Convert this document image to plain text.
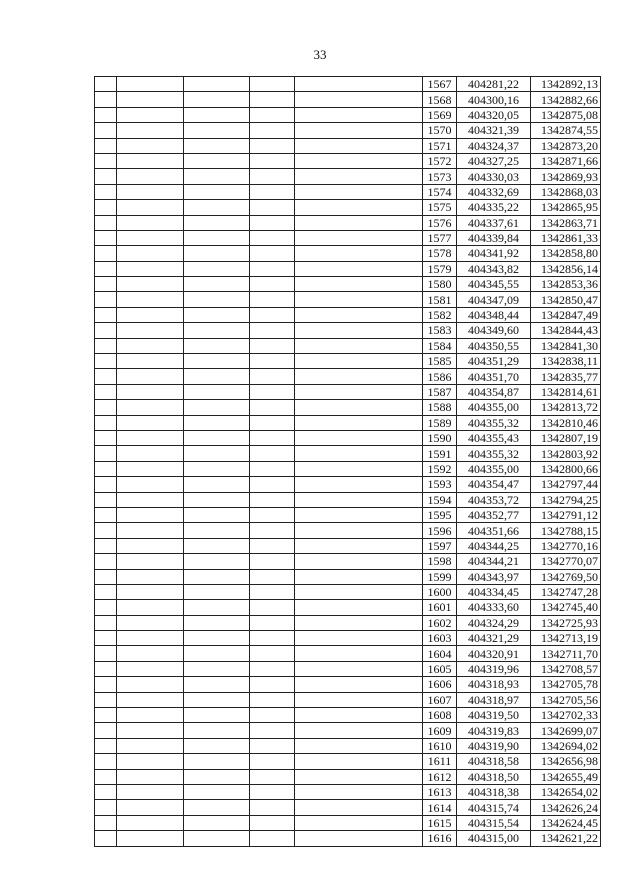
33
					1567	404281,22	1342892,13
					1568	404300,16	1342882,66
					1569	404320,05	1342875,08
					1570	404321,39	1342874,55
					1571	404324,37	1342873,20
					1572	404327,25	1342871,66
					1573	404330,03	1342869,93
					1574	404332,69	1342868,03
					1575	404335,22	1342865,95
					1576	404337,61	1342863,71
					1577	404339,84	1342861,33
					1578	404341,92	1342858,80
					1579	404343,82	1342856,14
					1580	404345,55	1342853,36
					1581	404347,09	1342850,47
					1582	404348,44	1342847,49
					1583	404349,60	1342844,43
					1584	404350,55	1342841,30
					1585	404351,29	1342838,11
					1586	404351,70	1342835,77
					1587	404354,87	1342814,61
					1588	404355,00	1342813,72
					1589	404355,32	1342810,46
					1590	404355,43	1342807,19
					1591	404355,32	1342803,92
					1592	404355,00	1342800,66
					1593	404354,47	1342797,44
					1594	404353,72	1342794,25
					1595	404352,77	1342791,12
					1596	404351,66	1342788,15
					1597	404344,25	1342770,16
					1598	404344,21	1342770,07
					1599	404343,97	1342769,50
					1600	404334,45	1342747,28
					1601	404333,60	1342745,40
					1602	404324,29	1342725,93
					1603	404321,29	1342713,19
					1604	404320,91	1342711,70
					1605	404319,96	1342708,57
					1606	404318,93	1342705,78
					1607	404318,97	1342705,56
					1608	404319,50	1342702,33
					1609	404319,83	1342699,07
					1610	404319,90	1342694,02
					1611	404318,58	1342656,98
					1612	404318,50	1342655,49
					1613	404318,38	1342654,02
					1614	404315,74	1342626,24
					1615	404315,54	1342624,45
					1616	404315,00	1342621,22
